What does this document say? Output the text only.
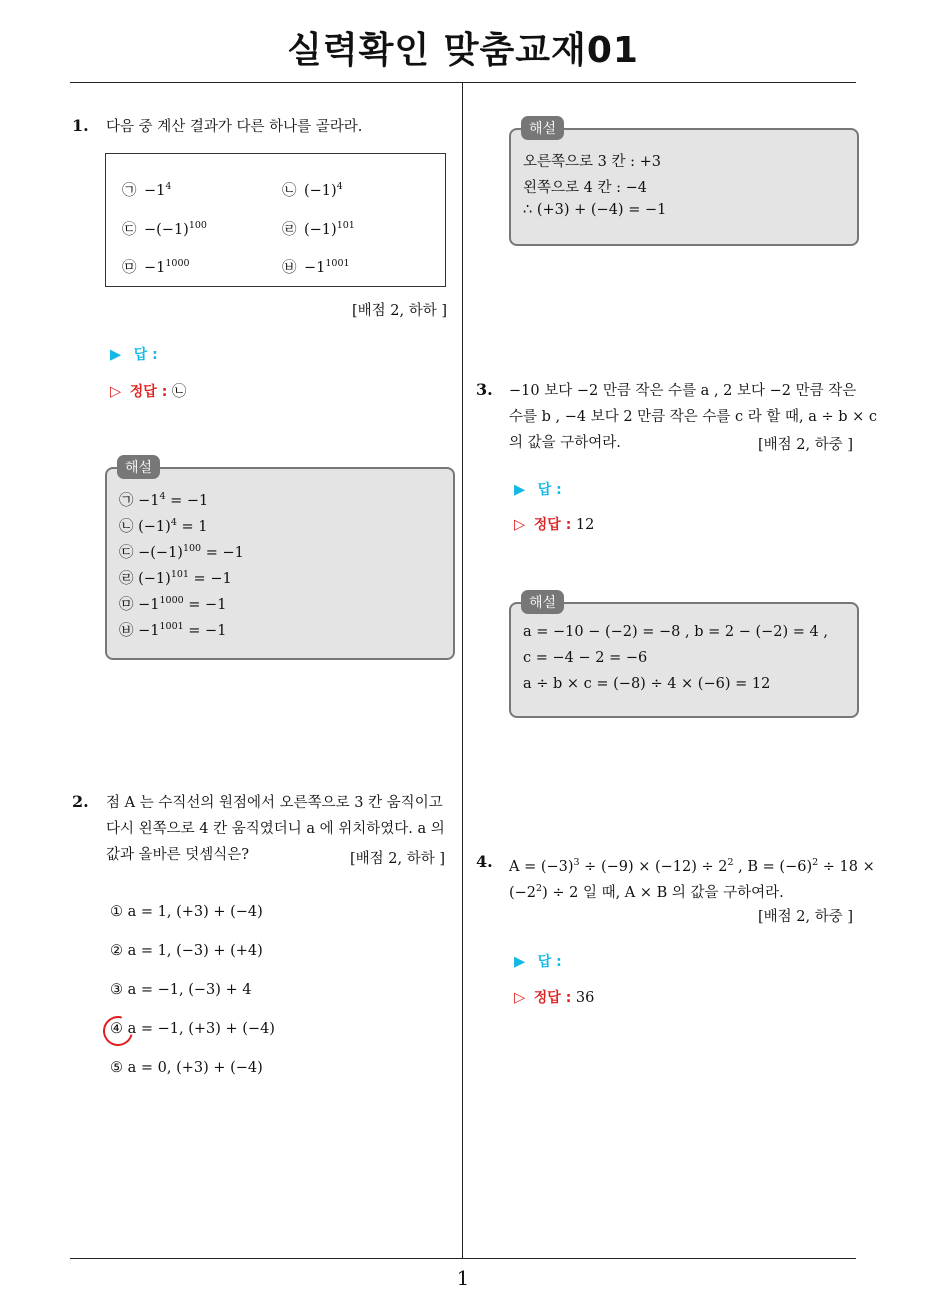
실력확인 맞춤교재01
1
1. 다음 중 계산 결과가 다른 하나를 골라라.
㉠ $-1^4$	㉡ $(-1)^4$
㉢ $-(-1)^{100}$	㉣ $(-1)^{101}$
㉤ $-1^{1000}$	㉥ $-1^{1001}$
[배점 2, 하하 ]
▶ 답 :
▷ 정답 : ㉡
해설
㉠ $-1^4 = -1$
㉡ $(-1)^4 = 1$
㉢ $-(-1)^{100} = -1$
㉣ $(-1)^{101} = -1$
㉤ $-1^{1000} = -1$
㉥ $-1^{1001} = -1$
2. 점 A 는 수직선의 원점에서 오른쪽으로 3 칸 움직이고
다시 왼쪽으로 4 칸 움직였더니 a 에 위치하였다. a 의
값과 올바른 덧셈식은?	[배점 2, 하하 ]
① a = 1, (+3) + (−4)
② a = 1, (−3) + (+4)
③ a = −1, (−3) + 4
④ a = −1, (+3) + (−4)
⑤ a = 0, (+3) + (−4)
해설
오른쪽으로 3 칸 : +3
왼쪽으로 4 칸 : −4
∴ (+3) + (−4) = −1
3. −10 보다 −2 만큼 작은 수를 a , 2 보다 −2 만큼 작은
수를 b , −4 보다 2 만큼 작은 수를 c 라 할 때, a ÷ b × c
의 값을 구하여라.	[배점 2, 하중 ]
▶ 답 :
▷ 정답 : 12
해설
a = −10 − (−2) = −8 , b = 2 − (−2) = 4 ,
c = −4 − 2 = −6
a ÷ b × c = (−8) ÷ 4 × (−6) = 12
4. $A = (-3)^3 \div (-9) \times (-12) \div 2^2$ , $B = (-6)^2 \div 18$ ×
$(-2^2) \div 2$ 일 때, A × B 의 값을 구하여라.
[배점 2, 하중 ]
▶ 답 :
▷ 정답 : 36
